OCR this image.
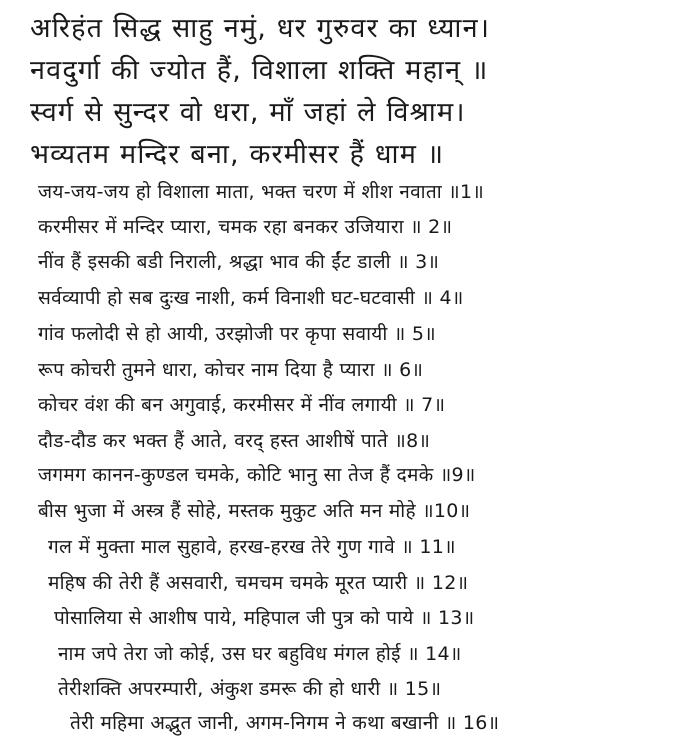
अरिहंत सिद्ध साहु नमुं, धर गुरुवर का ध्यान।
नवदुर्गा की ज्योत हैं, विशाला शक्ति महान् ॥
स्वर्ग से सुन्दर वो धरा, माँ जहां ले विश्राम।
भव्यतम मन्दिर बना, करमीसर हैं धाम ॥
जय-जय-जय हो विशाला माता, भक्त चरण में शीश नवाता ॥1॥
करमीसर में मन्दिर प्यारा, चमक रहा बनकर उजियारा ॥ 2॥
नींव हैं इसकी बडी निराली, श्रद्धा भाव की ईंट डाली ॥ 3॥
सर्वव्यापी हो सब दुःख नाशी, कर्म विनाशी घट-घटवासी ॥ 4॥
गांव फलोदी से हो आयी, उरझोजी पर कृपा सवायी ॥ 5॥
रूप कोचरी तुमने धारा, कोचर नाम दिया है प्यारा ॥ 6॥
कोचर वंश की बन अगुवाई, करमीसर में नींव लगायी ॥ 7॥
दौड-दौड कर भक्त हैं आते, वरद् हस्त आशीषें पाते ॥8॥
जगमग कानन-कुण्डल चमके, कोटि भानु सा तेज हैं दमके ॥9॥
बीस भुजा में अस्त्र हैं सोहे, मस्तक मुकुट अति मन मोहे ॥10॥
गल में मुक्ता माल सुहावे, हरख-हरख तेरे गुण गावे ॥ 11॥
महिष की तेरी हैं असवारी, चमचम चमके मूरत प्यारी ॥ 12॥
पोसालिया से आशीष पाये, महिपाल जी पुत्र को पाये ॥ 13॥
नाम जपे तेरा जो कोई, उस घर बहुविध मंगल होई ॥ 14॥
तेरीशक्ति अपरम्पारी, अंकुश डमरू की हो धारी ॥ 15॥
तेरी महिमा अद्भुत जानी, अगम-निगम ने कथा बखानी ॥ 16॥
